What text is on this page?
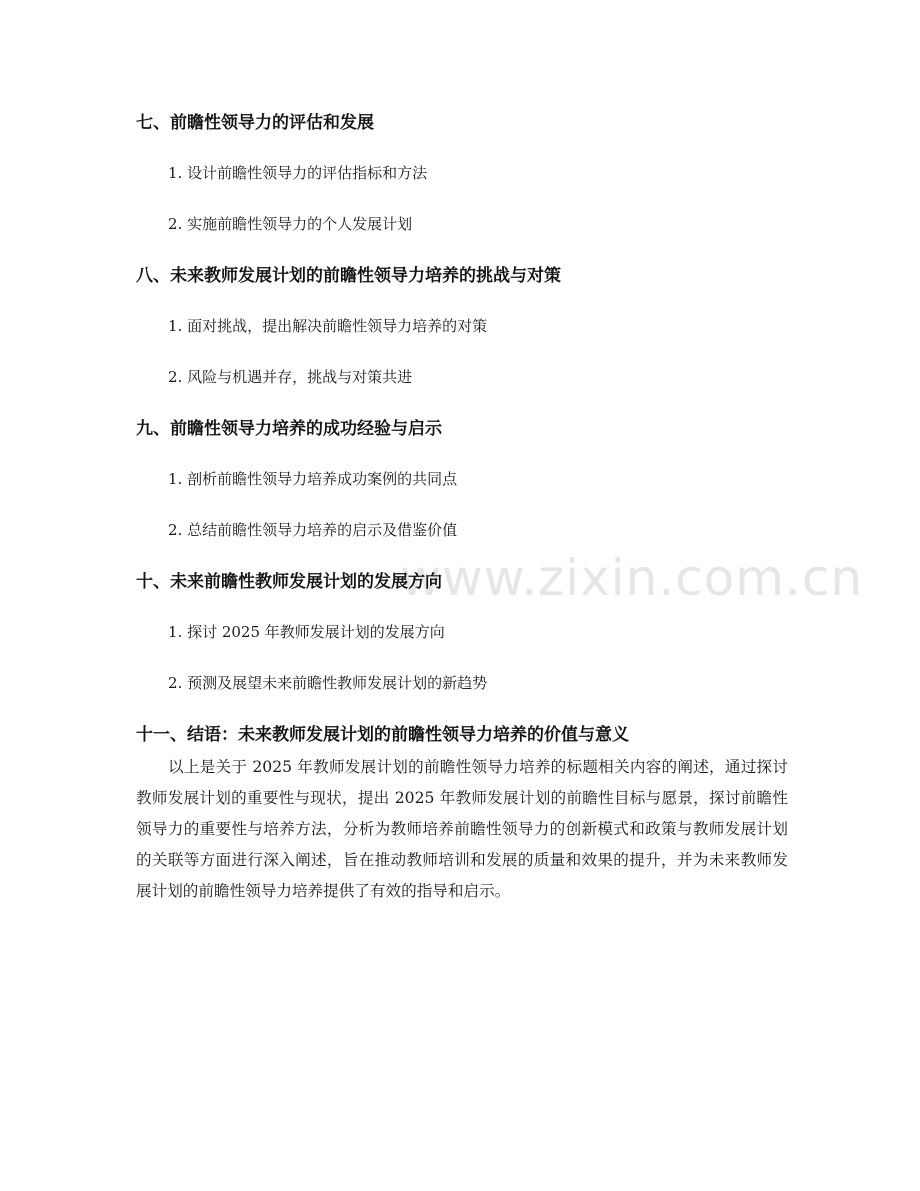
www.zixin.com.cn
七、前瞻性领导力的评估和发展
1. 设计前瞻性领导力的评估指标和方法
2. 实施前瞻性领导力的个人发展计划
八、未来教师发展计划的前瞻性领导力培养的挑战与对策
1. 面对挑战，提出解决前瞻性领导力培养的对策
2. 风险与机遇并存，挑战与对策共进
九、前瞻性领导力培养的成功经验与启示
1. 剖析前瞻性领导力培养成功案例的共同点
2. 总结前瞻性领导力培养的启示及借鉴价值
十、未来前瞻性教师发展计划的发展方向
1. 探讨 2025 年教师发展计划的发展方向
2. 预测及展望未来前瞻性教师发展计划的新趋势
十一、结语：未来教师发展计划的前瞻性领导力培养的价值与意义

以上是关于 2025 年教师发展计划的前瞻性领导力培养的标题相关内容的阐述，通过探讨教师发展计划的重要性与现状，提出 2025 年教师发展计划的前瞻性目标与愿景，探讨前瞻性领导力的重要性与培养方法，分析为教师培养前瞻性领导力的创新模式和政策与教师发展计划的关联等方面进行深入阐述，旨在推动教师培训和发展的质量和效果的提升，并为未来教师发展计划的前瞻性领导力培养提供了有效的指导和启示。
